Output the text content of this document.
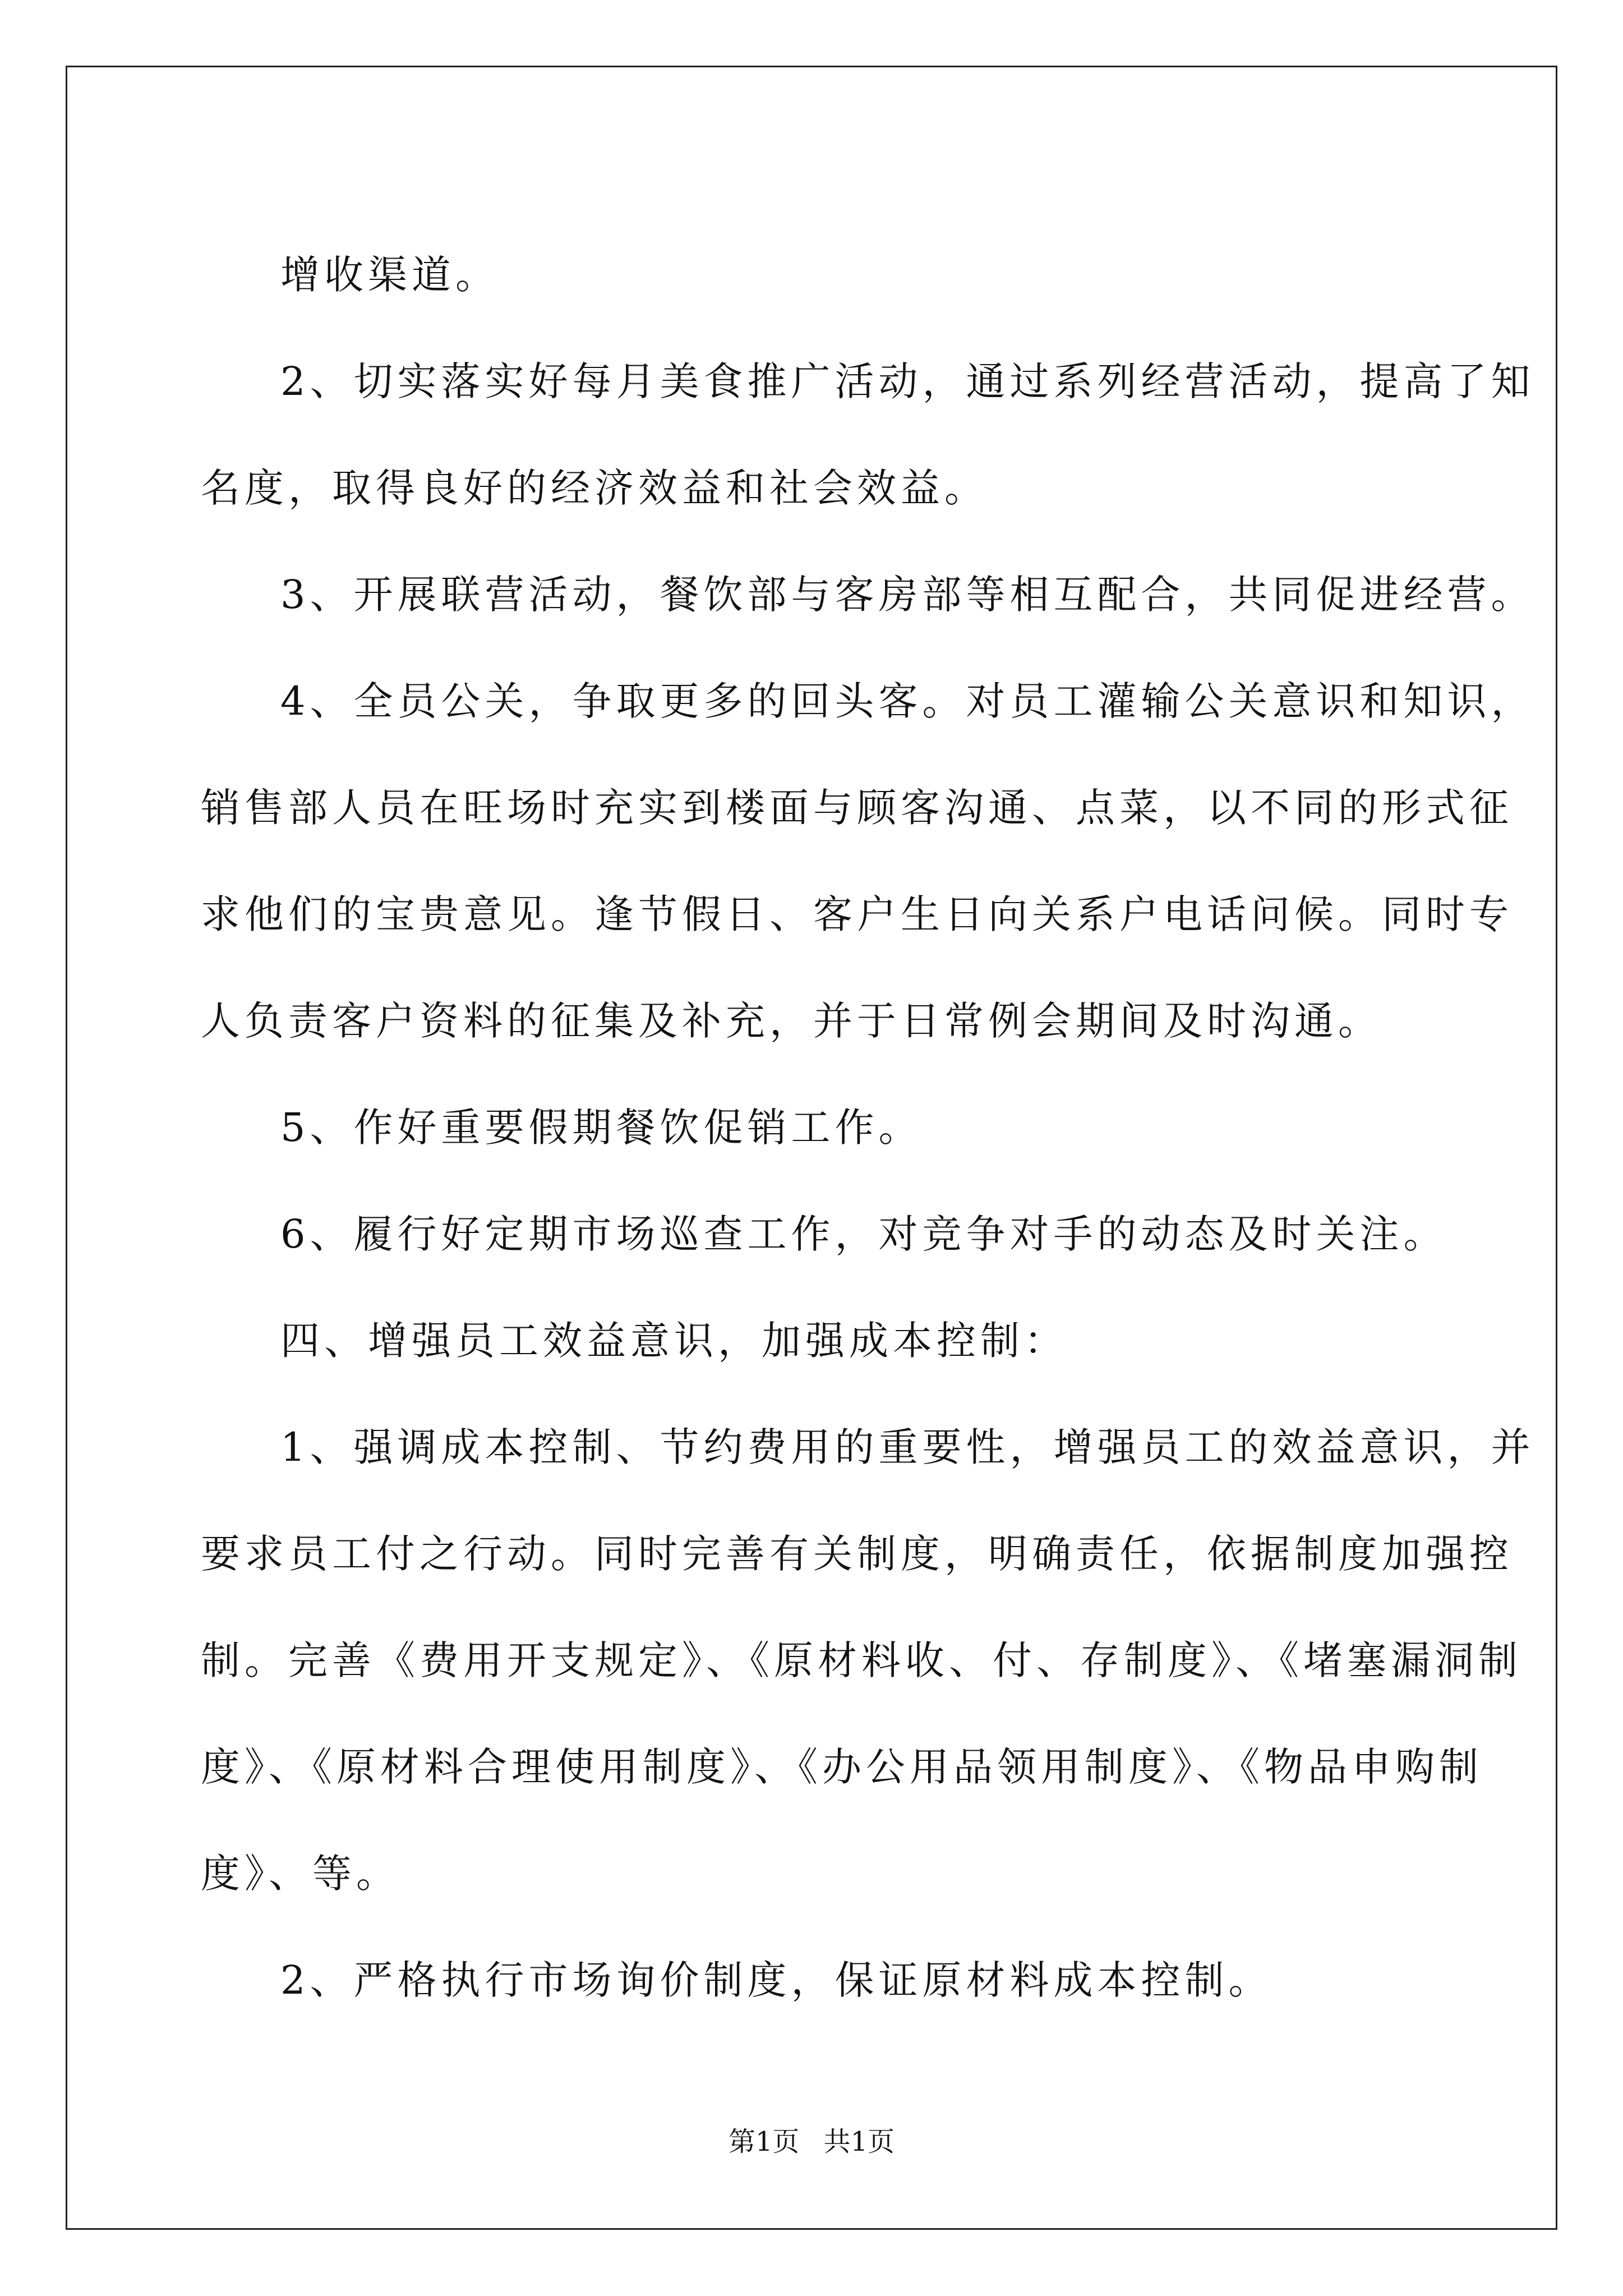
增收渠道。

2、切实落实好每月美食推广活动，通过系列经营活动，提高了知

名度，取得良好的经济效益和社会效益。

3、开展联营活动，餐饮部与客房部等相互配合，共同促进经营。

4、全员公关，争取更多的回头客。对员工灌输公关意识和知识，

销售部人员在旺场时充实到楼面与顾客沟通、点菜，以不同的形式征

求他们的宝贵意见。逢节假日、客户生日向关系户电话问候。同时专

人负责客户资料的征集及补充，并于日常例会期间及时沟通。

5、作好重要假期餐饮促销工作。

6、履行好定期市场巡查工作，对竞争对手的动态及时关注。

四、增强员工效益意识，加强成本控制：

1、强调成本控制、节约费用的重要性，增强员工的效益意识，并

要求员工付之行动。同时完善有关制度，明确责任，依据制度加强控

制。完善《费用开支规定》、《原材料收、付、存制度》、《堵塞漏洞制

度》、《原材料合理使用制度》、《办公用品领用制度》、《物品申购制

度》、等。

2、严格执行市场询价制度，保证原材料成本控制。

第1页 共1页
